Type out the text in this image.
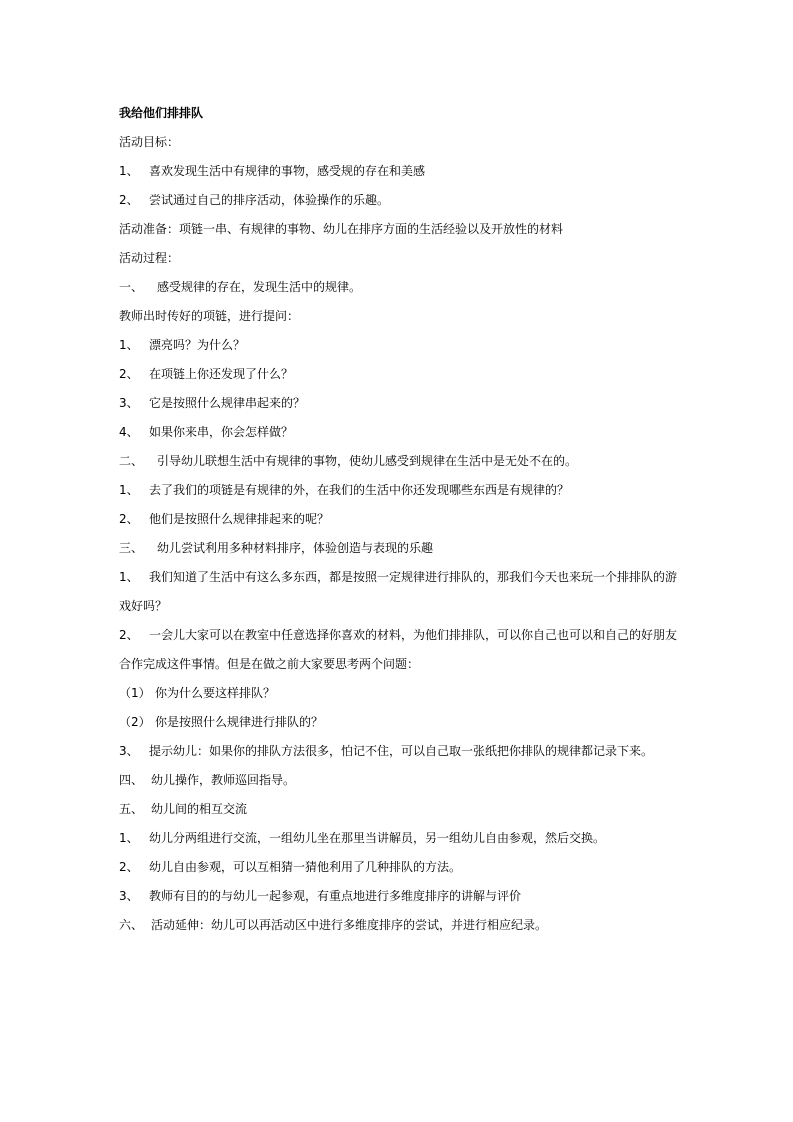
我给他们排排队

活动目标：

1、 喜欢发现生活中有规律的事物，感受规的存在和美感

2、 尝试通过自己的排序活动，体验操作的乐趣。

活动准备：项链一串、有规律的事物、幼儿在排序方面的生活经验以及开放性的材料

活动过程：

一、 感受规律的存在，发现生活中的规律。

教师出时传好的项链，进行提问：

1、 漂亮吗？为什么？

2、 在项链上你还发现了什么？

3、 它是按照什么规律串起来的？

4、 如果你来串，你会怎样做？

二、 引导幼儿联想生活中有规律的事物，使幼儿感受到规律在生活中是无处不在的。

1、 去了我们的项链是有规律的外，在我们的生活中你还发现哪些东西是有规律的？

2、 他们是按照什么规律排起来的呢？

三、 幼儿尝试利用多种材料排序，体验创造与表现的乐趣

1、 我们知道了生活中有这么多东西，都是按照一定规律进行排队的，那我们今天也来玩一个排排队的游戏好吗？

2、 一会儿大家可以在教室中任意选择你喜欢的材料，为他们排排队，可以你自己也可以和自己的好朋友合作完成这件事情。但是在做之前大家要思考两个问题：

（1） 你为什么要这样排队？

（2） 你是按照什么规律进行排队的？

3、 提示幼儿：如果你的排队方法很多，怕记不住，可以自己取一张纸把你排队的规律都记录下来。

四、 幼儿操作，教师巡回指导。

五、 幼儿间的相互交流

1、 幼儿分两组进行交流，一组幼儿坐在那里当讲解员，另一组幼儿自由参观，然后交换。

2、 幼儿自由参观，可以互相猜一猜他利用了几种排队的方法。

3、 教师有目的的与幼儿一起参观，有重点地进行多维度排序的讲解与评价

六、 活动延伸：幼儿可以再活动区中进行多维度排序的尝试，并进行相应纪录。
